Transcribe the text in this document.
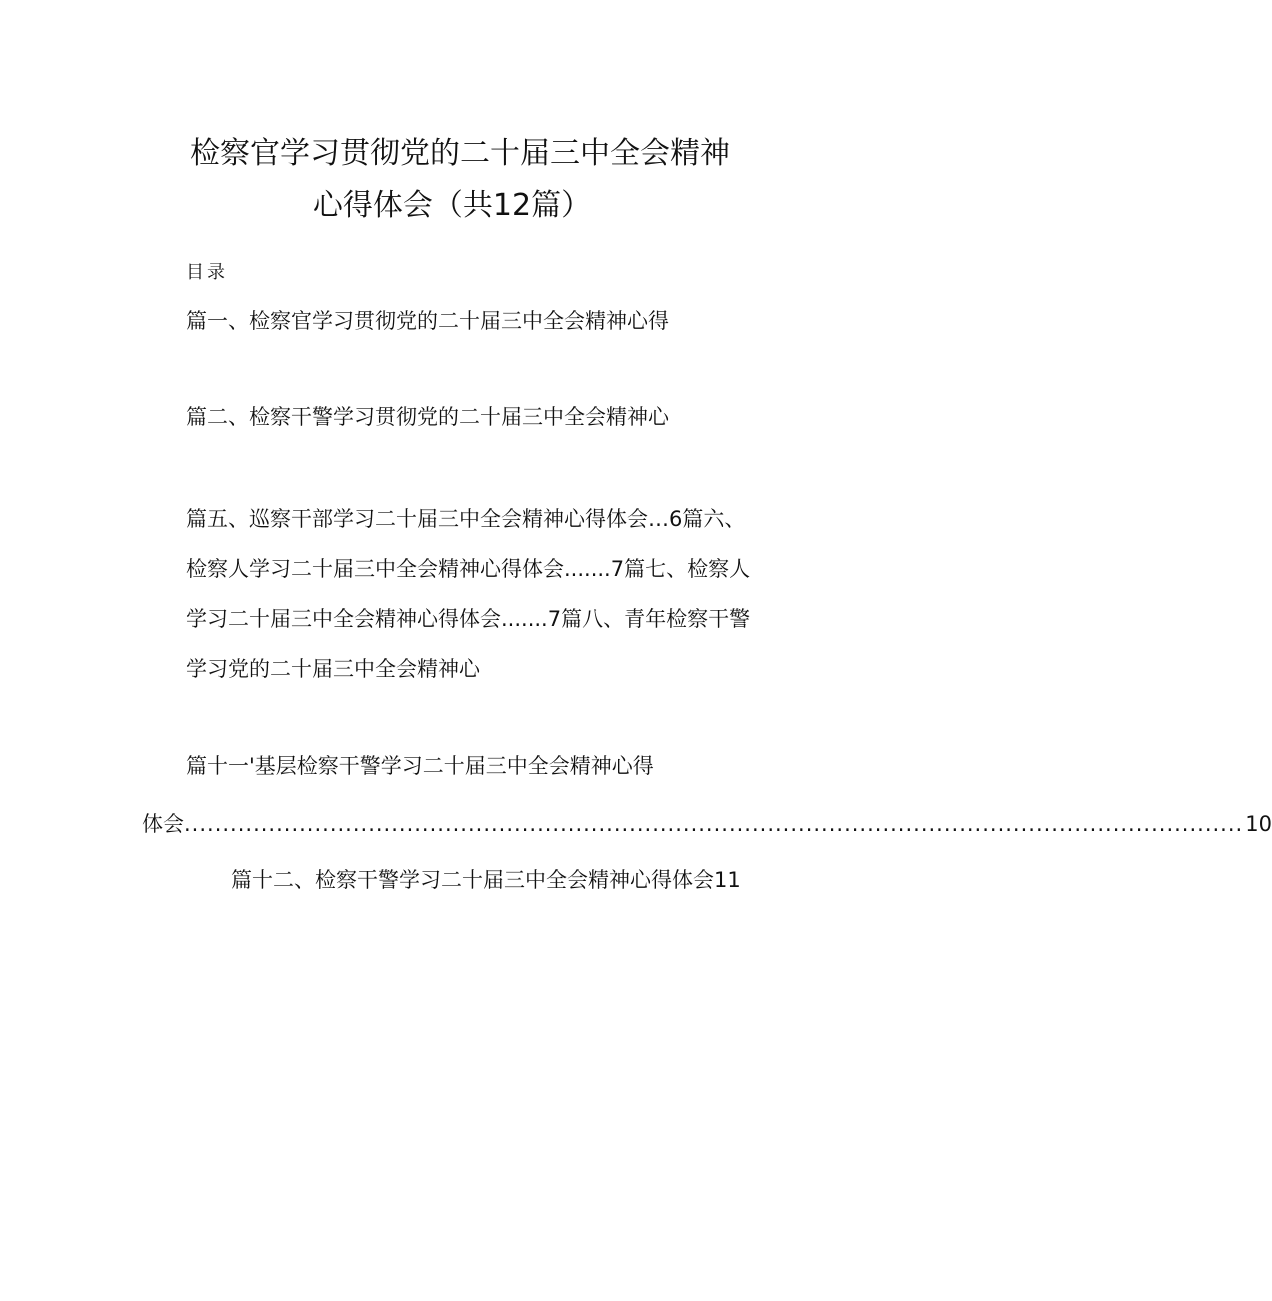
检察官学习贯彻党的二十届三中全会精神
心得体会（共12篇）
目录
篇一、检察官学习贯彻党的二十届三中全会精神心得
篇二、检察干警学习贯彻党的二十届三中全会精神心
篇五、巡察干部学习二十届三中全会精神心得体会…6篇六、
检察人学习二十届三中全会精神心得体会.......7篇七、检察人
学习二十届三中全会精神心得体会.......7篇八、青年检察干警
学习党的二十届三中全会精神心
篇十一'基层检察干警学习二十届三中全会精神心得
体会 .......................................................................................................................................... 10
篇十二、检察干警学习二十届三中全会精神心得体会11
